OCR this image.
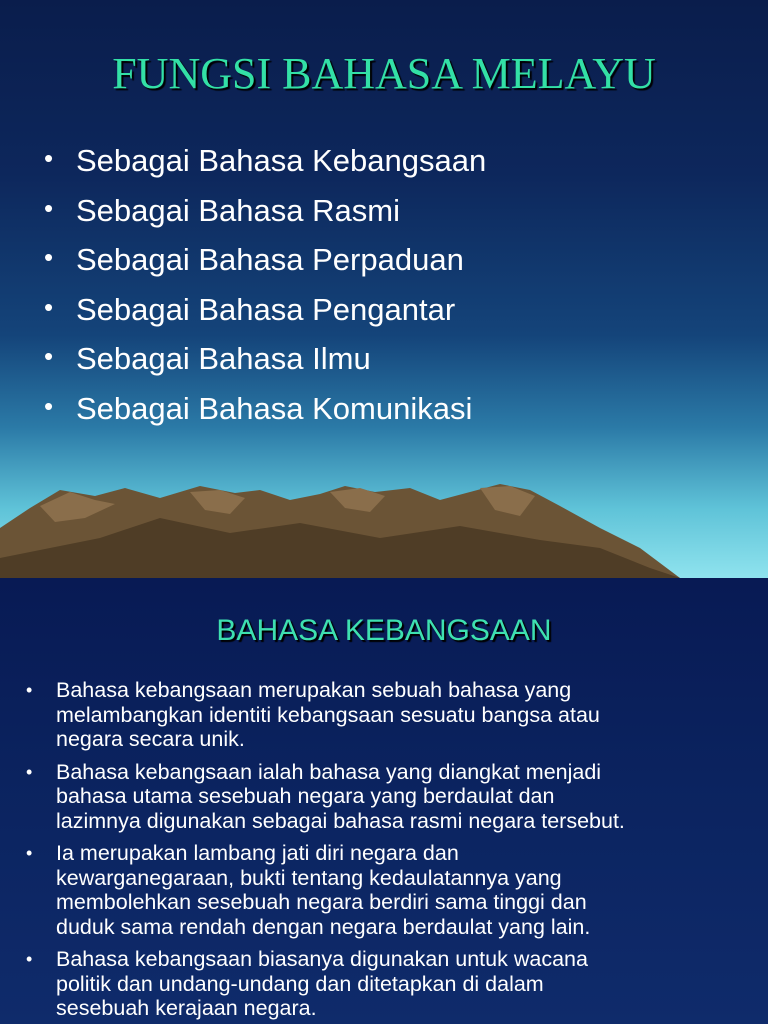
FUNGSI BAHASA MELAYU
• Sebagai Bahasa Kebangsaan
• Sebagai Bahasa Rasmi
• Sebagai Bahasa Perpaduan
• Sebagai Bahasa Pengantar
• Sebagai Bahasa Ilmu
• Sebagai Bahasa Komunikasi
BAHASA KEBANGSAAN
• Bahasa kebangsaan merupakan sebuah bahasa yang
melambangkan identiti kebangsaan sesuatu bangsa atau
negara secara unik.
• Bahasa kebangsaan ialah bahasa yang diangkat menjadi
bahasa utama sesebuah negara yang berdaulat dan
lazimnya digunakan sebagai bahasa rasmi negara tersebut.
• Ia merupakan lambang jati diri negara dan
kewarganegaraan, bukti tentang kedaulatannya yang
membolehkan sesebuah negara berdiri sama tinggi dan
duduk sama rendah dengan negara berdaulat yang lain.
• Bahasa kebangsaan biasanya digunakan untuk wacana
politik dan undang-undang dan ditetapkan di dalam
sesebuah kerajaan negara.
